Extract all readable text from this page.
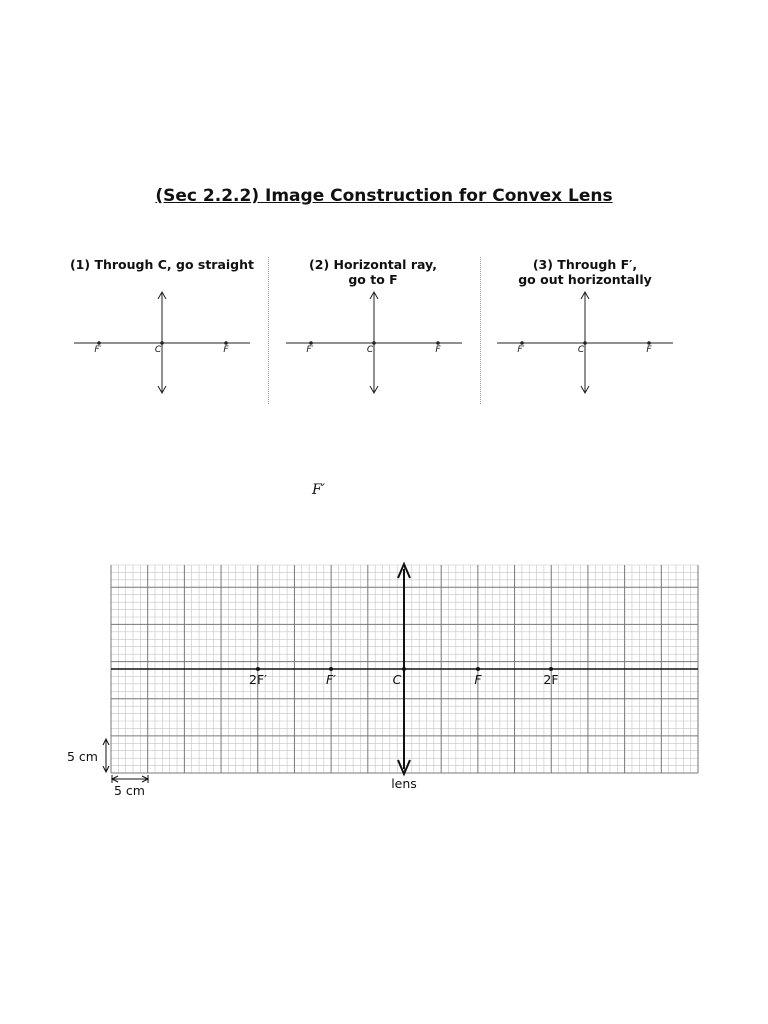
(Sec 2.2.2) Image Construction for Convex Lens
(1) Through C, go straight	(2) Horizontal ray,
go to F
(3) Through F′,
go out horizontally
F′	C	F	F′	C	F	F′	C	F
F′
2F′	F′	C	F	2F
lens
5 cm
5 cm
